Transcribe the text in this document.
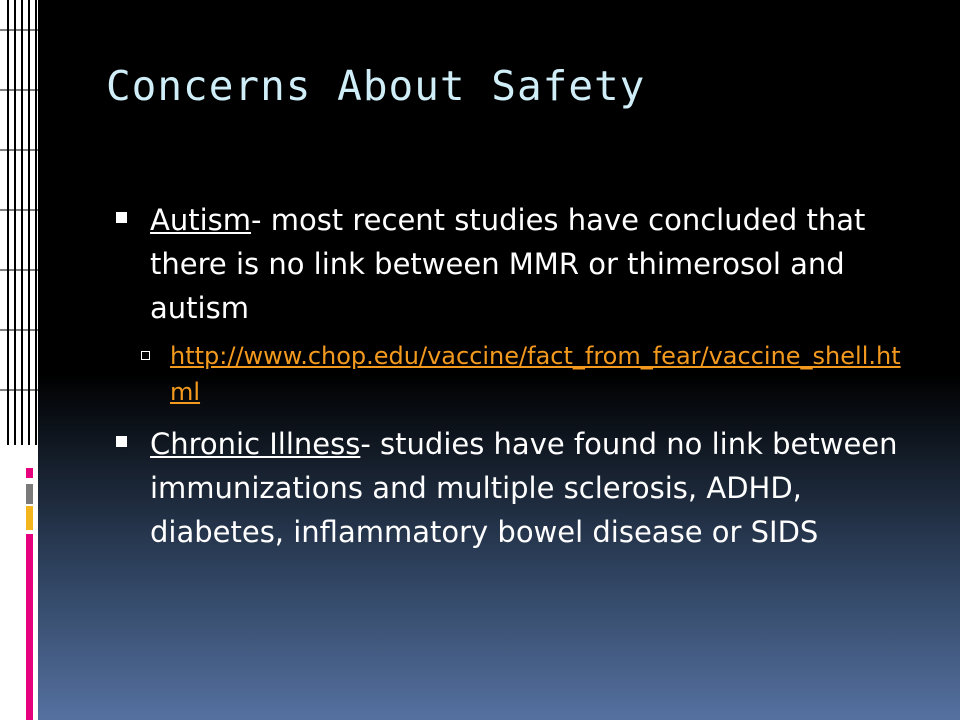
Concerns About Safety
Autism- most recent studies have concluded that there is no link between MMR or thimerosol and autism
http://www.chop.edu/vaccine/fact_from_fear/vaccine_shell.html
Chronic Illness- studies have found no link between immunizations and multiple sclerosis, ADHD, diabetes, inflammatory bowel disease or SIDS
